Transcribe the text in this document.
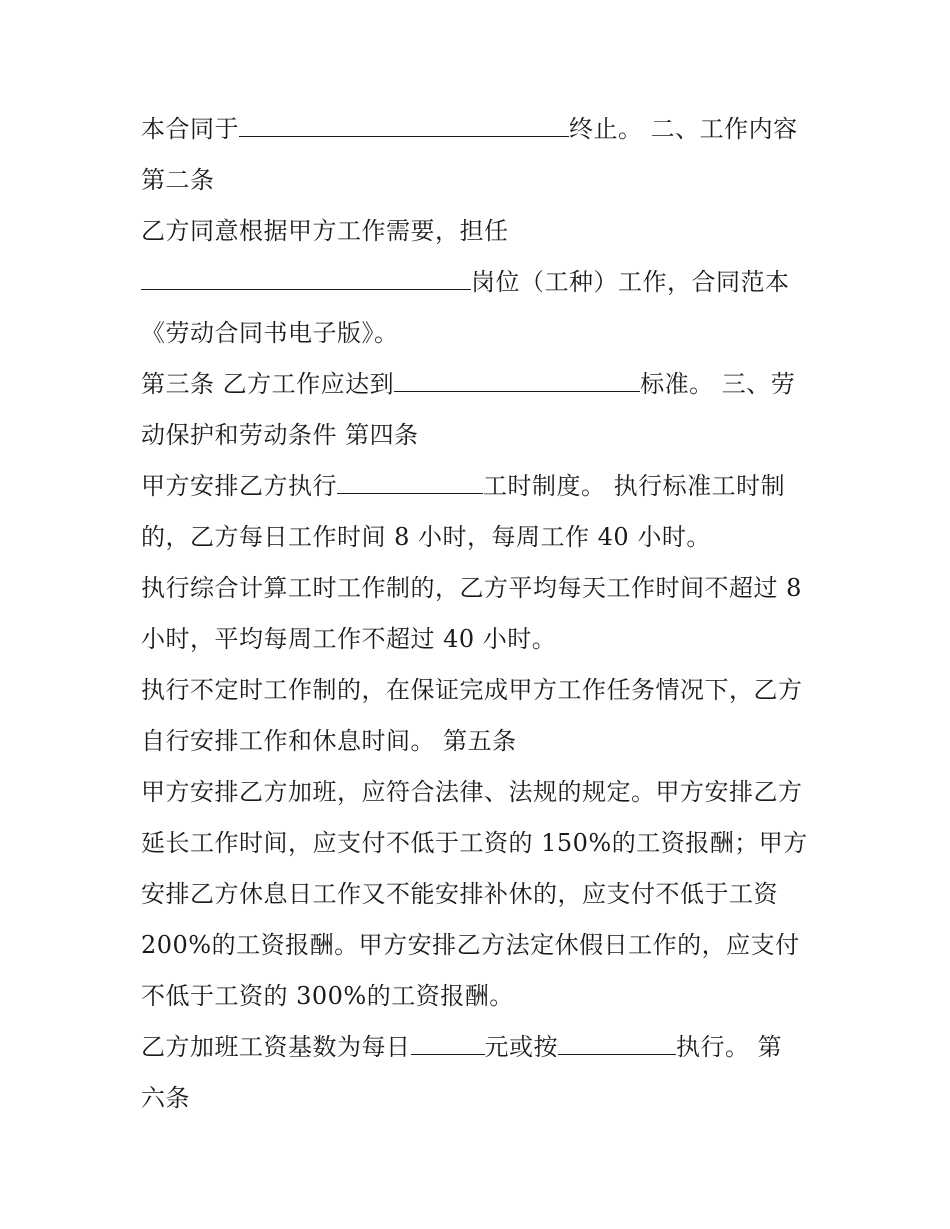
本合同于	终止。 二、工作内容
第二条
乙方同意根据甲方工作需要，担任
岗位（工种）工作，合同范本
《劳动合同书电子版》。
第三条 乙方工作应达到	标准。 三、劳
动保护和劳动条件 第四条
甲方安排乙方执行	工时制度。 执行标准工时制
的，乙方每日工作时间 8 小时，每周工作 40 小时。
执行综合计算工时工作制的，乙方平均每天工作时间不超过 8
小时，平均每周工作不超过 40 小时。
执行不定时工作制的，在保证完成甲方工作任务情况下，乙方
自行安排工作和休息时间。 第五条
甲方安排乙方加班，应符合法律、法规的规定。甲方安排乙方
延长工作时间，应支付不低于工资的 150%的工资报酬；甲方
安排乙方休息日工作又不能安排补休的，应支付不低于工资
200%的工资报酬。甲方安排乙方法定休假日工作的，应支付
不低于工资的 300%的工资报酬。
乙方加班工资基数为每日	元或按	执行。 第
六条
